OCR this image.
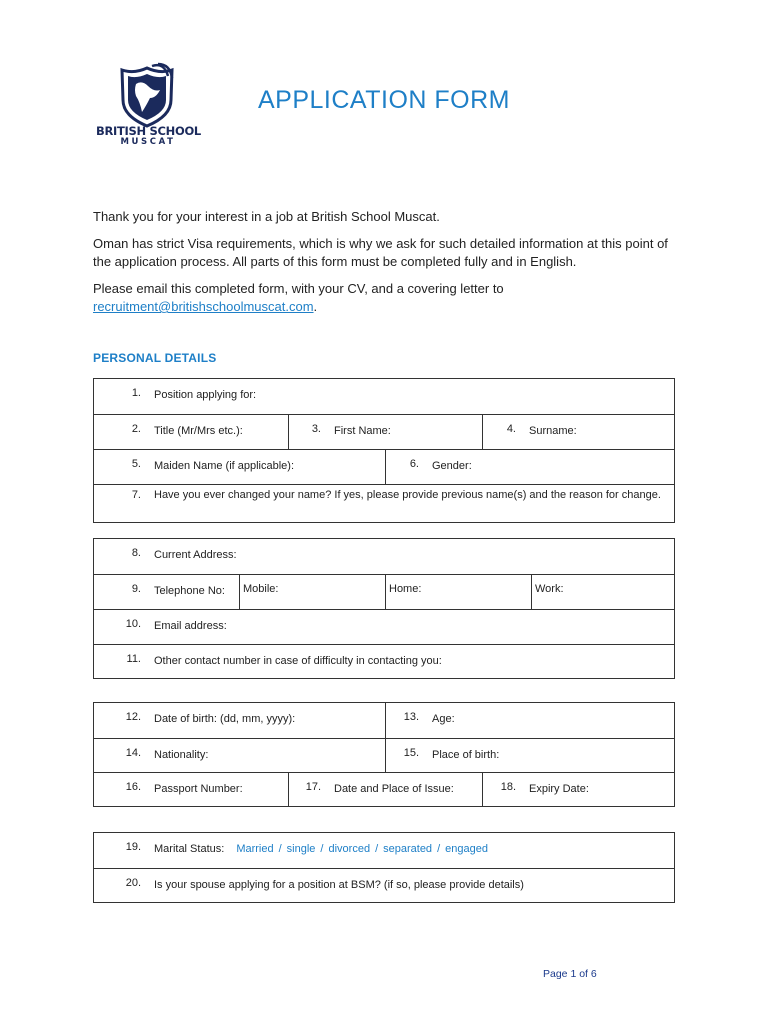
BRITISH SCHOOL
MUSCAT
APPLICATION FORM
Thank you for your interest in a job at British School Muscat.
Oman has strict Visa requirements, which is why we ask for such detailed information at this point of the application process. All parts of this form must be completed fully and in English.
Please email this completed form, with your CV, and a covering letter to recruitment@britishschoolmuscat.com.
PERSONAL DETAILS
1. Position applying for:
2. Title (Mr/Mrs etc.):	3. First Name:	4. Surname:
5. Maiden Name (if applicable):	6. Gender:
7. Have you ever changed your name? If yes, please provide previous name(s) and the reason for change.
8. Current Address:
9. Telephone No:	Mobile:	Home:	Work:
10. Email address:
11. Other contact number in case of difficulty in contacting you:
12. Date of birth: (dd, mm, yyyy):	13. Age:
14. Nationality:	15. Place of birth:
16. Passport Number:	17. Date and Place of Issue:	18. Expiry Date:
19. Marital Status: Married / single / divorced / separated / engaged
20. Is your spouse applying for a position at BSM? (if so, please provide details)
Page 1 of 6
